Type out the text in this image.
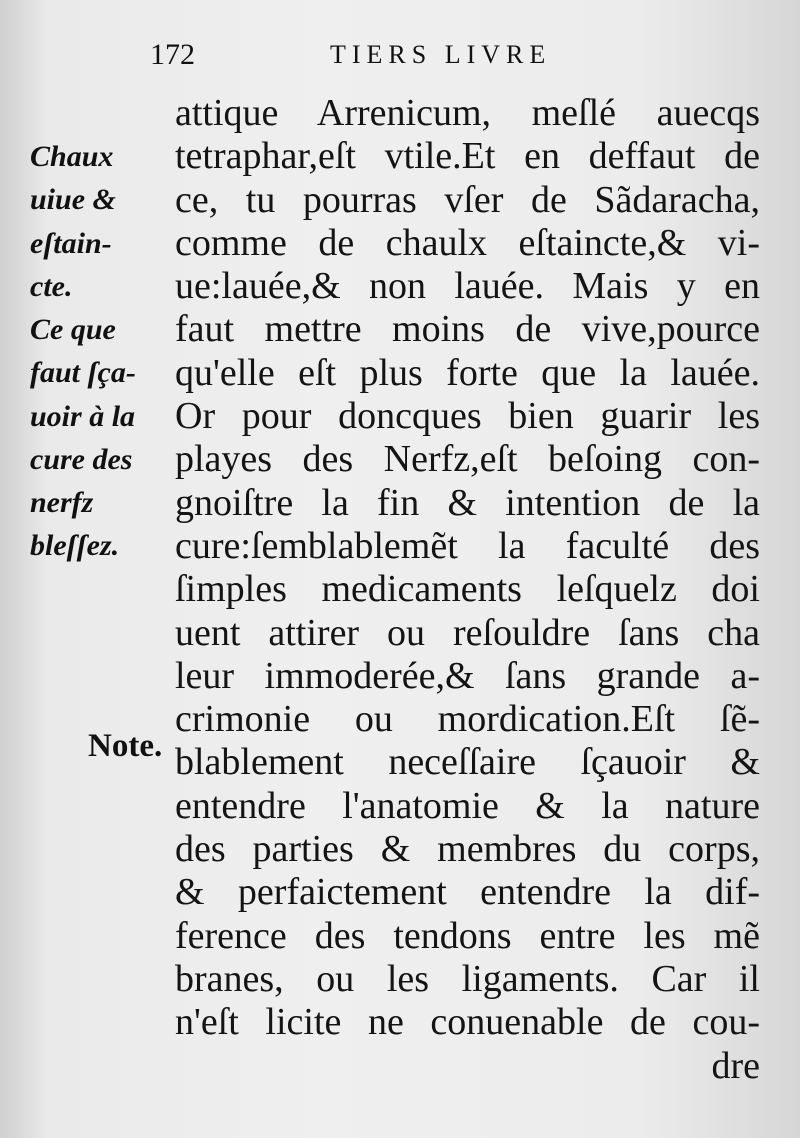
172	TIERS LIVRE
Chaux
uiue &
eſtain-
cte.
Ce que
faut ſça-
uoir à la
cure des
nerfz
bleſſez.
Note.
attique Arrenicum, meſlé auecqs
tetraphar,eſt vtile.Et en deffaut de
ce, tu pourras vſer de Sãdaracha,
comme de chaulx eſtaincte,& vi-
ue:lauée,& non lauée. Mais y en
faut mettre moins de vive,pource
qu'elle eſt plus forte que la lauée.
Or pour doncques bien guarir les
playes des Nerfz,eſt beſoing con-
gnoiſtre la fin & intention de la
cure:ſemblablemẽt la faculté des
ſimples medicaments leſquelz doi
uent attirer ou reſouldre ſans cha
leur immoderée,& ſans grande a-
crimonie ou mordication.Eſt ſẽ-
blablement neceſſaire ſçauoir &
entendre l'anatomie & la nature
des parties & membres du corps,
& perfaictement entendre la dif-
ference des tendons entre les mẽ
branes, ou les ligaments. Car il
n'eſt licite ne conuenable de cou-
dre
